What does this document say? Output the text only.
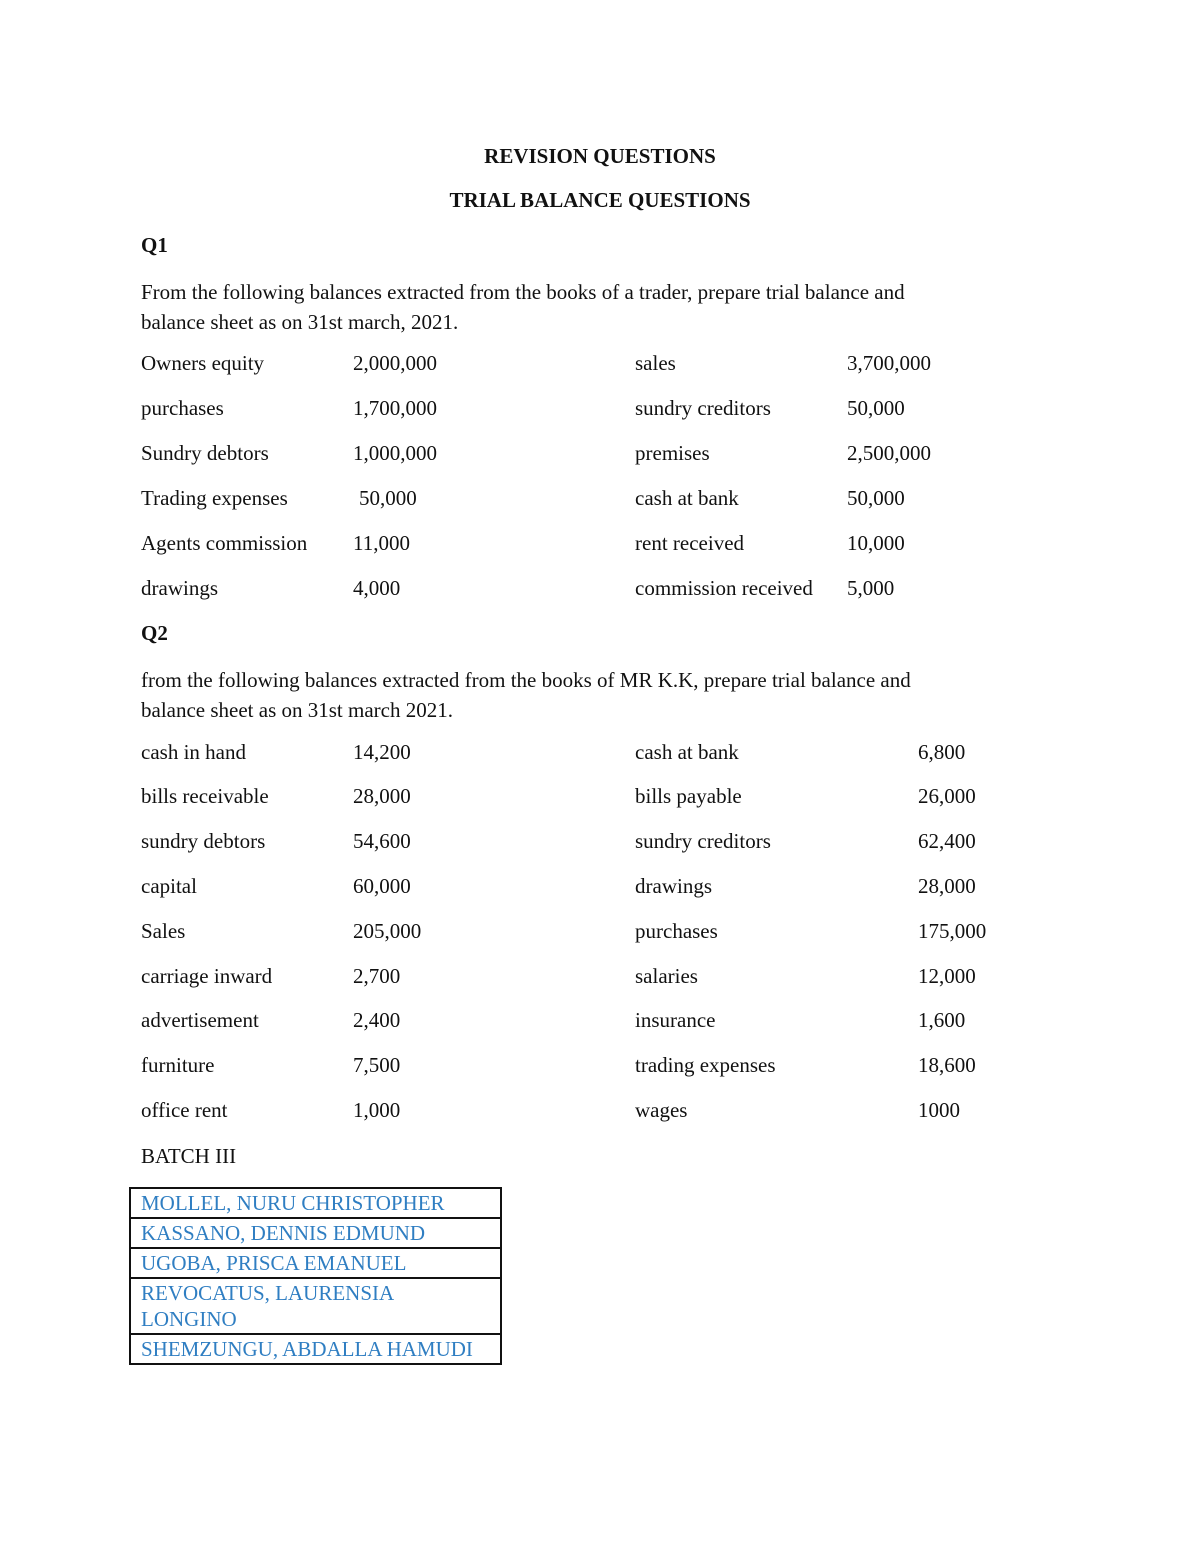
REVISION QUESTIONS
TRIAL BALANCE QUESTIONS
Q1
From the following balances extracted from the books of a trader, prepare trial balance and
balance sheet as on 31st march, 2021.
Owners equity	2,000,000	sales	3,700,000
purchases	1,700,000	sundry creditors	50,000
Sundry debtors	1,000,000	premises	2,500,000
Trading expenses	50,000	cash at bank	50,000
Agents commission 11,000	rent received	10,000
drawings	4,000	commission received 5,000
Q2
from the following balances extracted from the books of MR K.K, prepare trial balance and
balance sheet as on 31st march 2021.
cash in hand	14,200	cash at bank	6,800
bills receivable	28,000	bills payable	26,000
sundry debtors	54,600	sundry creditors	62,400
capital	60,000	drawings	28,000
Sales	205,000	purchases	175,000
carriage inward	2,700	salaries	12,000
advertisement	2,400	insurance	1,600
furniture	7,500	trading expenses	18,600
office rent	1,000	wages	1000
BATCH III
MOLLEL, NURU CHRISTOPHER
KASSANO, DENNIS EDMUND
UGOBA, PRISCA EMANUEL
REVOCATUS, LAURENSIA LONGINO
SHEMZUNGU, ABDALLA HAMUDI
